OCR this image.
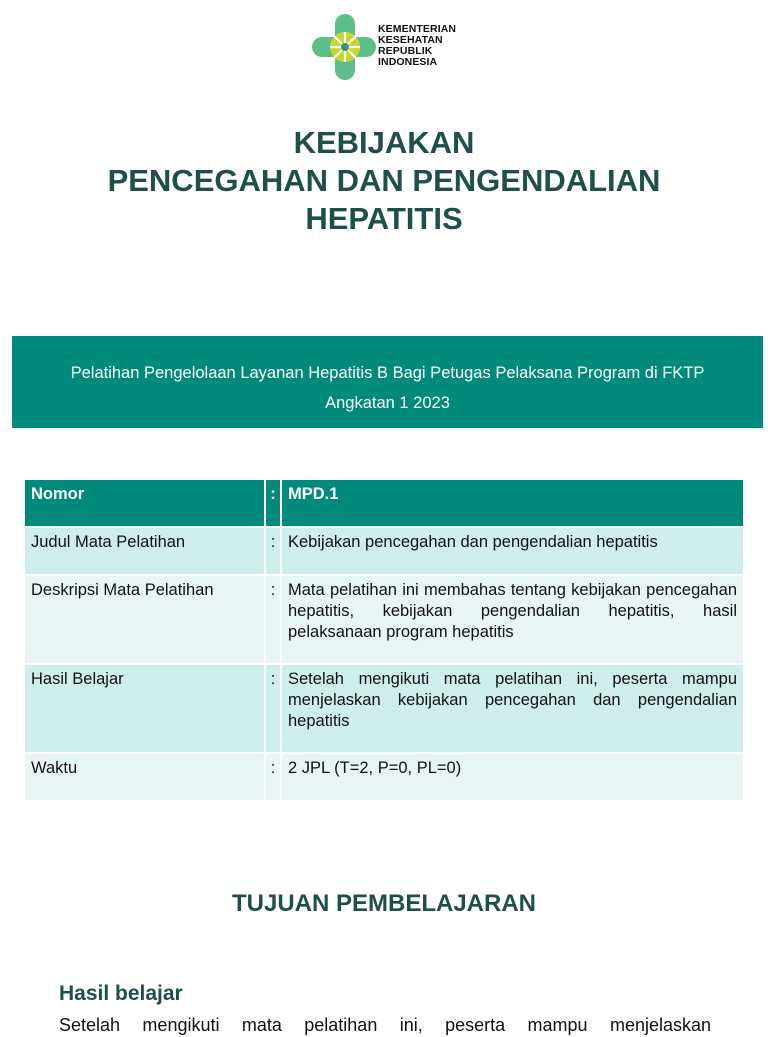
KEMENTERIAN
KESEHATAN
REPUBLIK
INDONESIA
KEBIJAKAN
PENCEGAHAN DAN PENGENDALIAN
HEPATITIS
Pelatihan Pengelolaan Layanan Hepatitis B Bagi Petugas Pelaksana Program di FKTP
Angkatan 1 2023
Nomor	:	MPD.1
Judul Mata Pelatihan	:	Kebijakan pencegahan dan pengendalian hepatitis
Deskripsi Mata Pelatihan	:	Mata pelatihan ini membahas tentang kebijakan pencegahan hepatitis, kebijakan pengendalian hepatitis, hasil pelaksanaan program hepatitis
Hasil Belajar	:	Setelah mengikuti mata pelatihan ini, peserta mampu menjelaskan kebijakan pencegahan dan pengendalian hepatitis
Waktu	:	2 JPL (T=2, P=0, PL=0)
TUJUAN PEMBELAJARAN
Hasil belajar
Setelah mengikuti mata pelatihan ini, peserta mampu menjelaskan
